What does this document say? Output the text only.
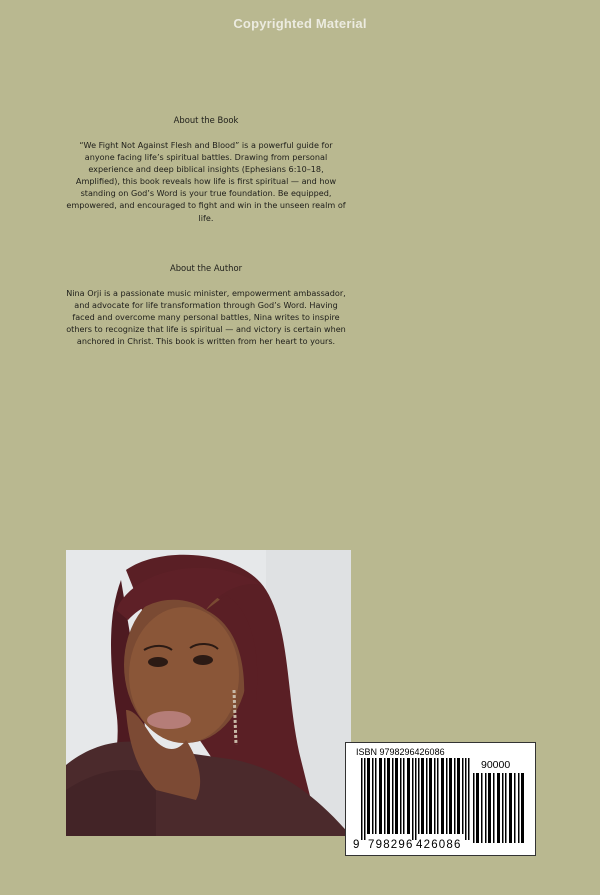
Copyrighted Material
About the Book
“We Fight Not Against Flesh and Blood” is a powerful guide for anyone facing life’s spiritual battles. Drawing from personal experience and deep biblical insights (Ephesians 6:10–18, Amplified), this book reveals how life is first spiritual — and how standing on God’s Word is your true foundation. Be equipped, empowered, and encouraged to fight and win in the unseen realm of life.
About the Author
Nina Orji is a passionate music minister, empowerment ambassador, and advocate for life transformation through God’s Word. Having faced and overcome many personal battles, Nina writes to inspire others to recognize that life is spiritual — and victory is certain when anchored in Christ. This book is written from her heart to yours.
ISBN 9798296426086
90000
9 798296 426086
